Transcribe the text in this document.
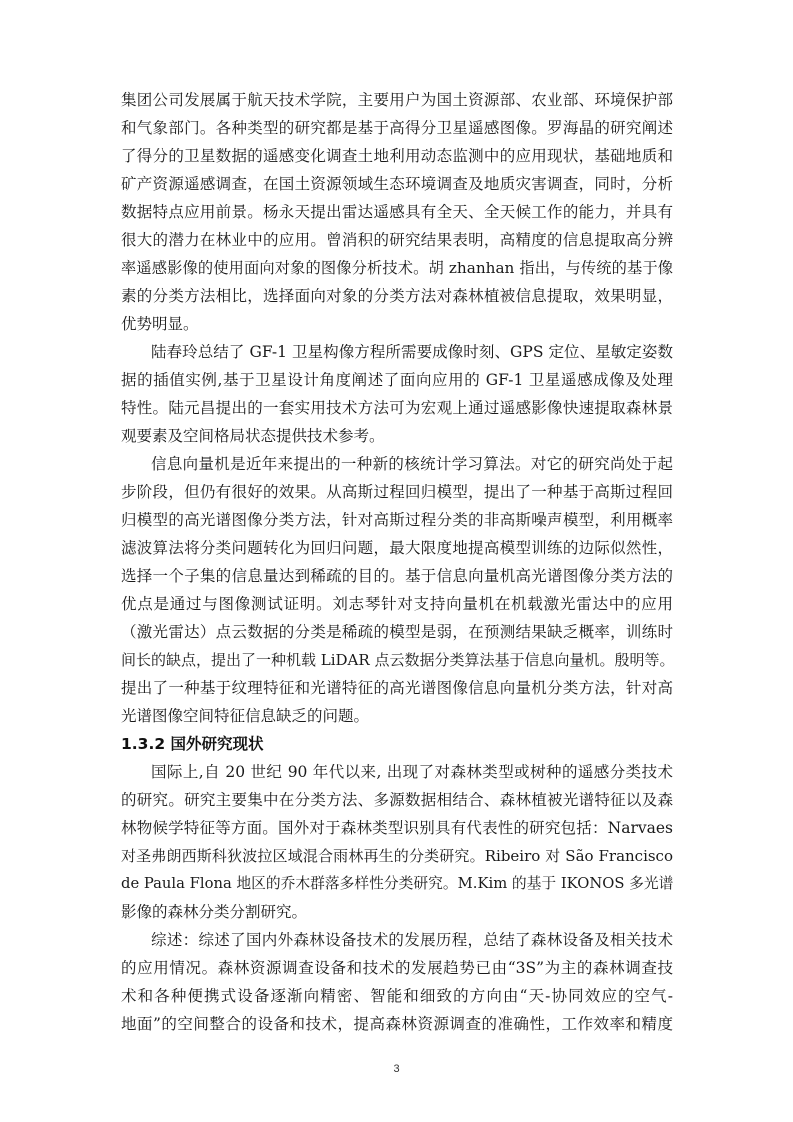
集团公司发展属于航天技术学院，主要用户为国土资源部、农业部、环境保护部
和气象部门。各种类型的研究都是基于高得分卫星遥感图像。罗海晶的研究阐述
了得分的卫星数据的遥感变化调查土地利用动态监测中的应用现状，基础地质和
矿产资源遥感调查，在国土资源领域生态环境调查及地质灾害调查，同时，分析
数据特点应用前景。杨永天提出雷达遥感具有全天、全天候工作的能力，并具有
很大的潜力在林业中的应用。曾消积的研究结果表明，高精度的信息提取高分辨
率遥感影像的使用面向对象的图像分析技术。胡 zhanhan 指出，与传统的基于像
素的分类方法相比，选择面向对象的分类方法对森林植被信息提取，效果明显，
优势明显。
陆春玲总结了 GF-1 卫星构像方程所需要成像时刻、GPS 定位、星敏定姿数
据的插值实例,基于卫星设计角度阐述了面向应用的 GF-1 卫星遥感成像及处理
特性。陆元昌提出的一套实用技术方法可为宏观上通过遥感影像快速提取森林景
观要素及空间格局状态提供技术参考。
信息向量机是近年来提出的一种新的核统计学习算法。对它的研究尚处于起
步阶段，但仍有很好的效果。从高斯过程回归模型，提出了一种基于高斯过程回
归模型的高光谱图像分类方法，针对高斯过程分类的非高斯噪声模型，利用概率
滤波算法将分类问题转化为回归问题，最大限度地提高模型训练的边际似然性，
选择一个子集的信息量达到稀疏的目的。基于信息向量机高光谱图像分类方法的
优点是通过与图像测试证明。刘志琴针对支持向量机在机载激光雷达中的应用
（激光雷达）点云数据的分类是稀疏的模型是弱，在预测结果缺乏概率，训练时
间长的缺点，提出了一种机载 LiDAR 点云数据分类算法基于信息向量机。殷明等。
提出了一种基于纹理特征和光谱特征的高光谱图像信息向量机分类方法，针对高
光谱图像空间特征信息缺乏的问题。
1.3.2 国外研究现状
国际上,自 20 世纪 90 年代以来, 出现了对森林类型或树种的遥感分类技术
的研究。研究主要集中在分类方法、多源数据相结合、森林植被光谱特征以及森
林物候学特征等方面。国外对于森林类型识别具有代表性的研究包括：Narvaes
对圣弗朗西斯科狄波拉区域混合雨林再生的分类研究。Ribeiro 对 São Francisco
de Paula Flona 地区的乔木群落多样性分类研究。M.Kim 的基于 IKONOS 多光谱
影像的森林分类分割研究。
综述：综述了国内外森林设备技术的发展历程，总结了森林设备及相关技术
的应用情况。森林资源调查设备和技术的发展趋势已由“3S”为主的森林调查技
术和各种便携式设备逐渐向精密、智能和细致的方向由“天-协同效应的空气-
地面”的空间整合的设备和技术，提高森林资源调查的准确性，工作效率和精度
3
